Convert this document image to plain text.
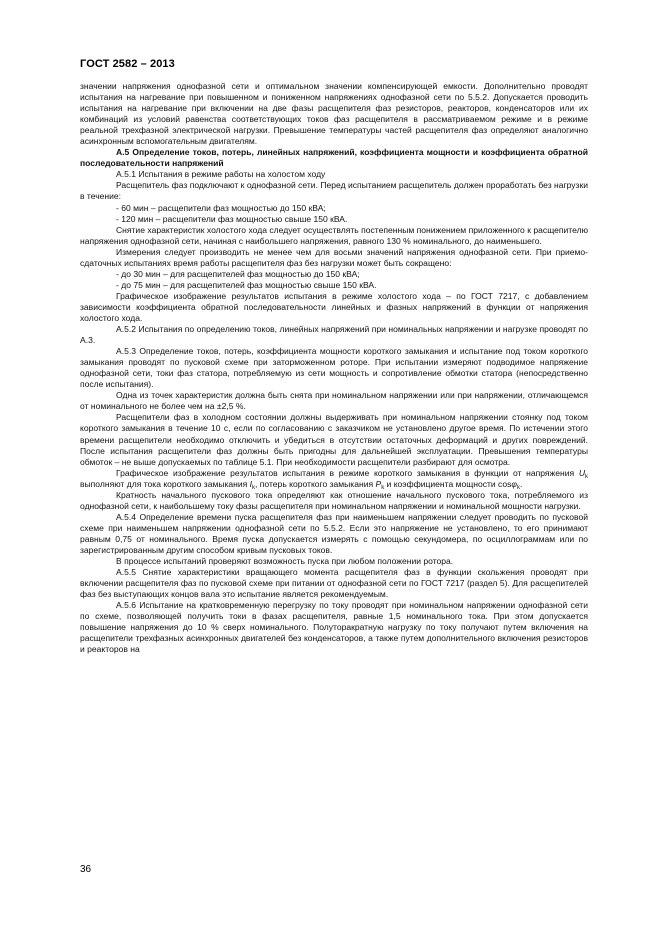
ГОСТ 2582 – 2013

значении напряжения однофазной сети и оптимальном значении компенсирующей емкости. Дополнительно проводят испытания на нагревание при повышенном и пониженном напряжениях однофазной сети по 5.5.2. Допускается проводить испытания на нагревание при включении на две фазы расщепителя фаз резисторов, реакторов, конденсаторов или их комбинаций из условий равенства соответствующих токов фаз расщепителя в рассматриваемом режиме и в режиме реальной трехфазной электрической нагрузки. Превышение температуры частей расщепителя фаз определяют аналогично асинхронным вспомогательным двигателям.

А.5 Определение токов, потерь, линейных напряжений, коэффициента мощности и коэффициента обратной последовательности напряжений

А.5.1 Испытания в режиме работы на холостом ходу

Расщепитель фаз подключают к однофазной сети. Перед испытанием расщепитель должен проработать без нагрузки в течение:

- 60 мин – расщепители фаз мощностью до 150 кВА;

- 120 мин – расщепители фаз мощностью свыше 150 кВА.

Снятие характеристик холостого хода следует осуществлять постепенным понижением приложенного к расщепителю напряжения однофазной сети, начиная с наибольшего напряжения, равного 130 % номинального, до наименьшего.

Измерения следует производить не менее чем для восьми значений напряжения однофазной сети. При приемо-сдаточных испытаниях время работы расщепителя фаз без нагрузки может быть сокращено:

- до 30 мин – для расщепителей фаз мощностью до 150 кВА;

- до 75 мин – для расщепителей фаз мощностью свыше 150 кВА.

Графическое изображение результатов испытания в режиме холостого хода – по ГОСТ 7217, с добавлением зависимости коэффициента обратной последовательности линейных и фазных напряжений в функции от напряжения холостого хода.

А.5.2 Испытания по определению токов, линейных напряжений при номинальных напряжении и нагрузке проводят по А.3.

А.5.3 Определение токов, потерь, коэффициента мощности короткого замыкания и испытание под током короткого замыкания проводят по пусковой схеме при заторможенном роторе. При испытании измеряют подводимое напряжение однофазной сети, токи фаз статора, потребляемую из сети мощность и сопротивление обмотки статора (непосредственно после испытания).

Одна из точек характеристик должна быть снята при номинальном напряжении или при напряжении, отличающемся от номинального не более чем на ±2,5 %.

Расщепители фаз в холодном состоянии должны выдерживать при номинальном напряжении стоянку под током короткого замыкания в течение 10 с, если по согласованию с заказчиком не установлено другое время. По истечении этого времени расщепители необходимо отключить и убедиться в отсутствии остаточных деформаций и других повреждений. После испытания расщепители фаз должны быть пригодны для дальнейшей эксплуатации. Превышения температуры обмоток – не выше допускаемых по таблице 5.1. При необходимости расщепители разбирают для осмотра.

Графическое изображение результатов испытания в режиме короткого замыкания в функции от напряжения $U_k$ выполняют для тока короткого замыкания $I_k$, потерь короткого замыкания $P_k$ и коэффициента мощности cosφ$_k$.

Кратность начального пускового тока определяют как отношение начального пускового тока, потребляемого из однофазной сети, к наибольшему току фазы расщепителя при номинальном напряжении и номинальной мощности нагрузки.

А.5.4 Определение времени пуска расщепителя фаз при наименьшем напряжении следует проводить по пусковой схеме при наименьшем напряжении однофазной сети по 5.5.2. Если это напряжение не установлено, то его принимают равным 0,75 от номинального. Время пуска допускается измерять с помощью секундомера, по осциллограммам или по зарегистрированным другим способом кривым пусковых токов.

В процессе испытаний проверяют возможность пуска при любом положении ротора.

А.5.5 Снятие характеристики вращающего момента расщепителя фаз в функции скольжения проводят при включении расщепителя фаз по пусковой схеме при питании от однофазной сети по ГОСТ 7217 (раздел 5). Для расщепителей фаз без выступающих концов вала это испытание является рекомендуемым.

А.5.6 Испытание на кратковременную перегрузку по току проводят при номинальном напряжении однофазной сети по схеме, позволяющей получить токи в фазах расщепителя, равные 1,5 номинального тока. При этом допускается повышение напряжения до 10 % сверх номинального. Полуторакратную нагрузку по току получают путем включения на расщепители трехфазных асинхронных двигателей без конденсаторов, а также путем дополнительного включения резисторов и реакторов на

36
